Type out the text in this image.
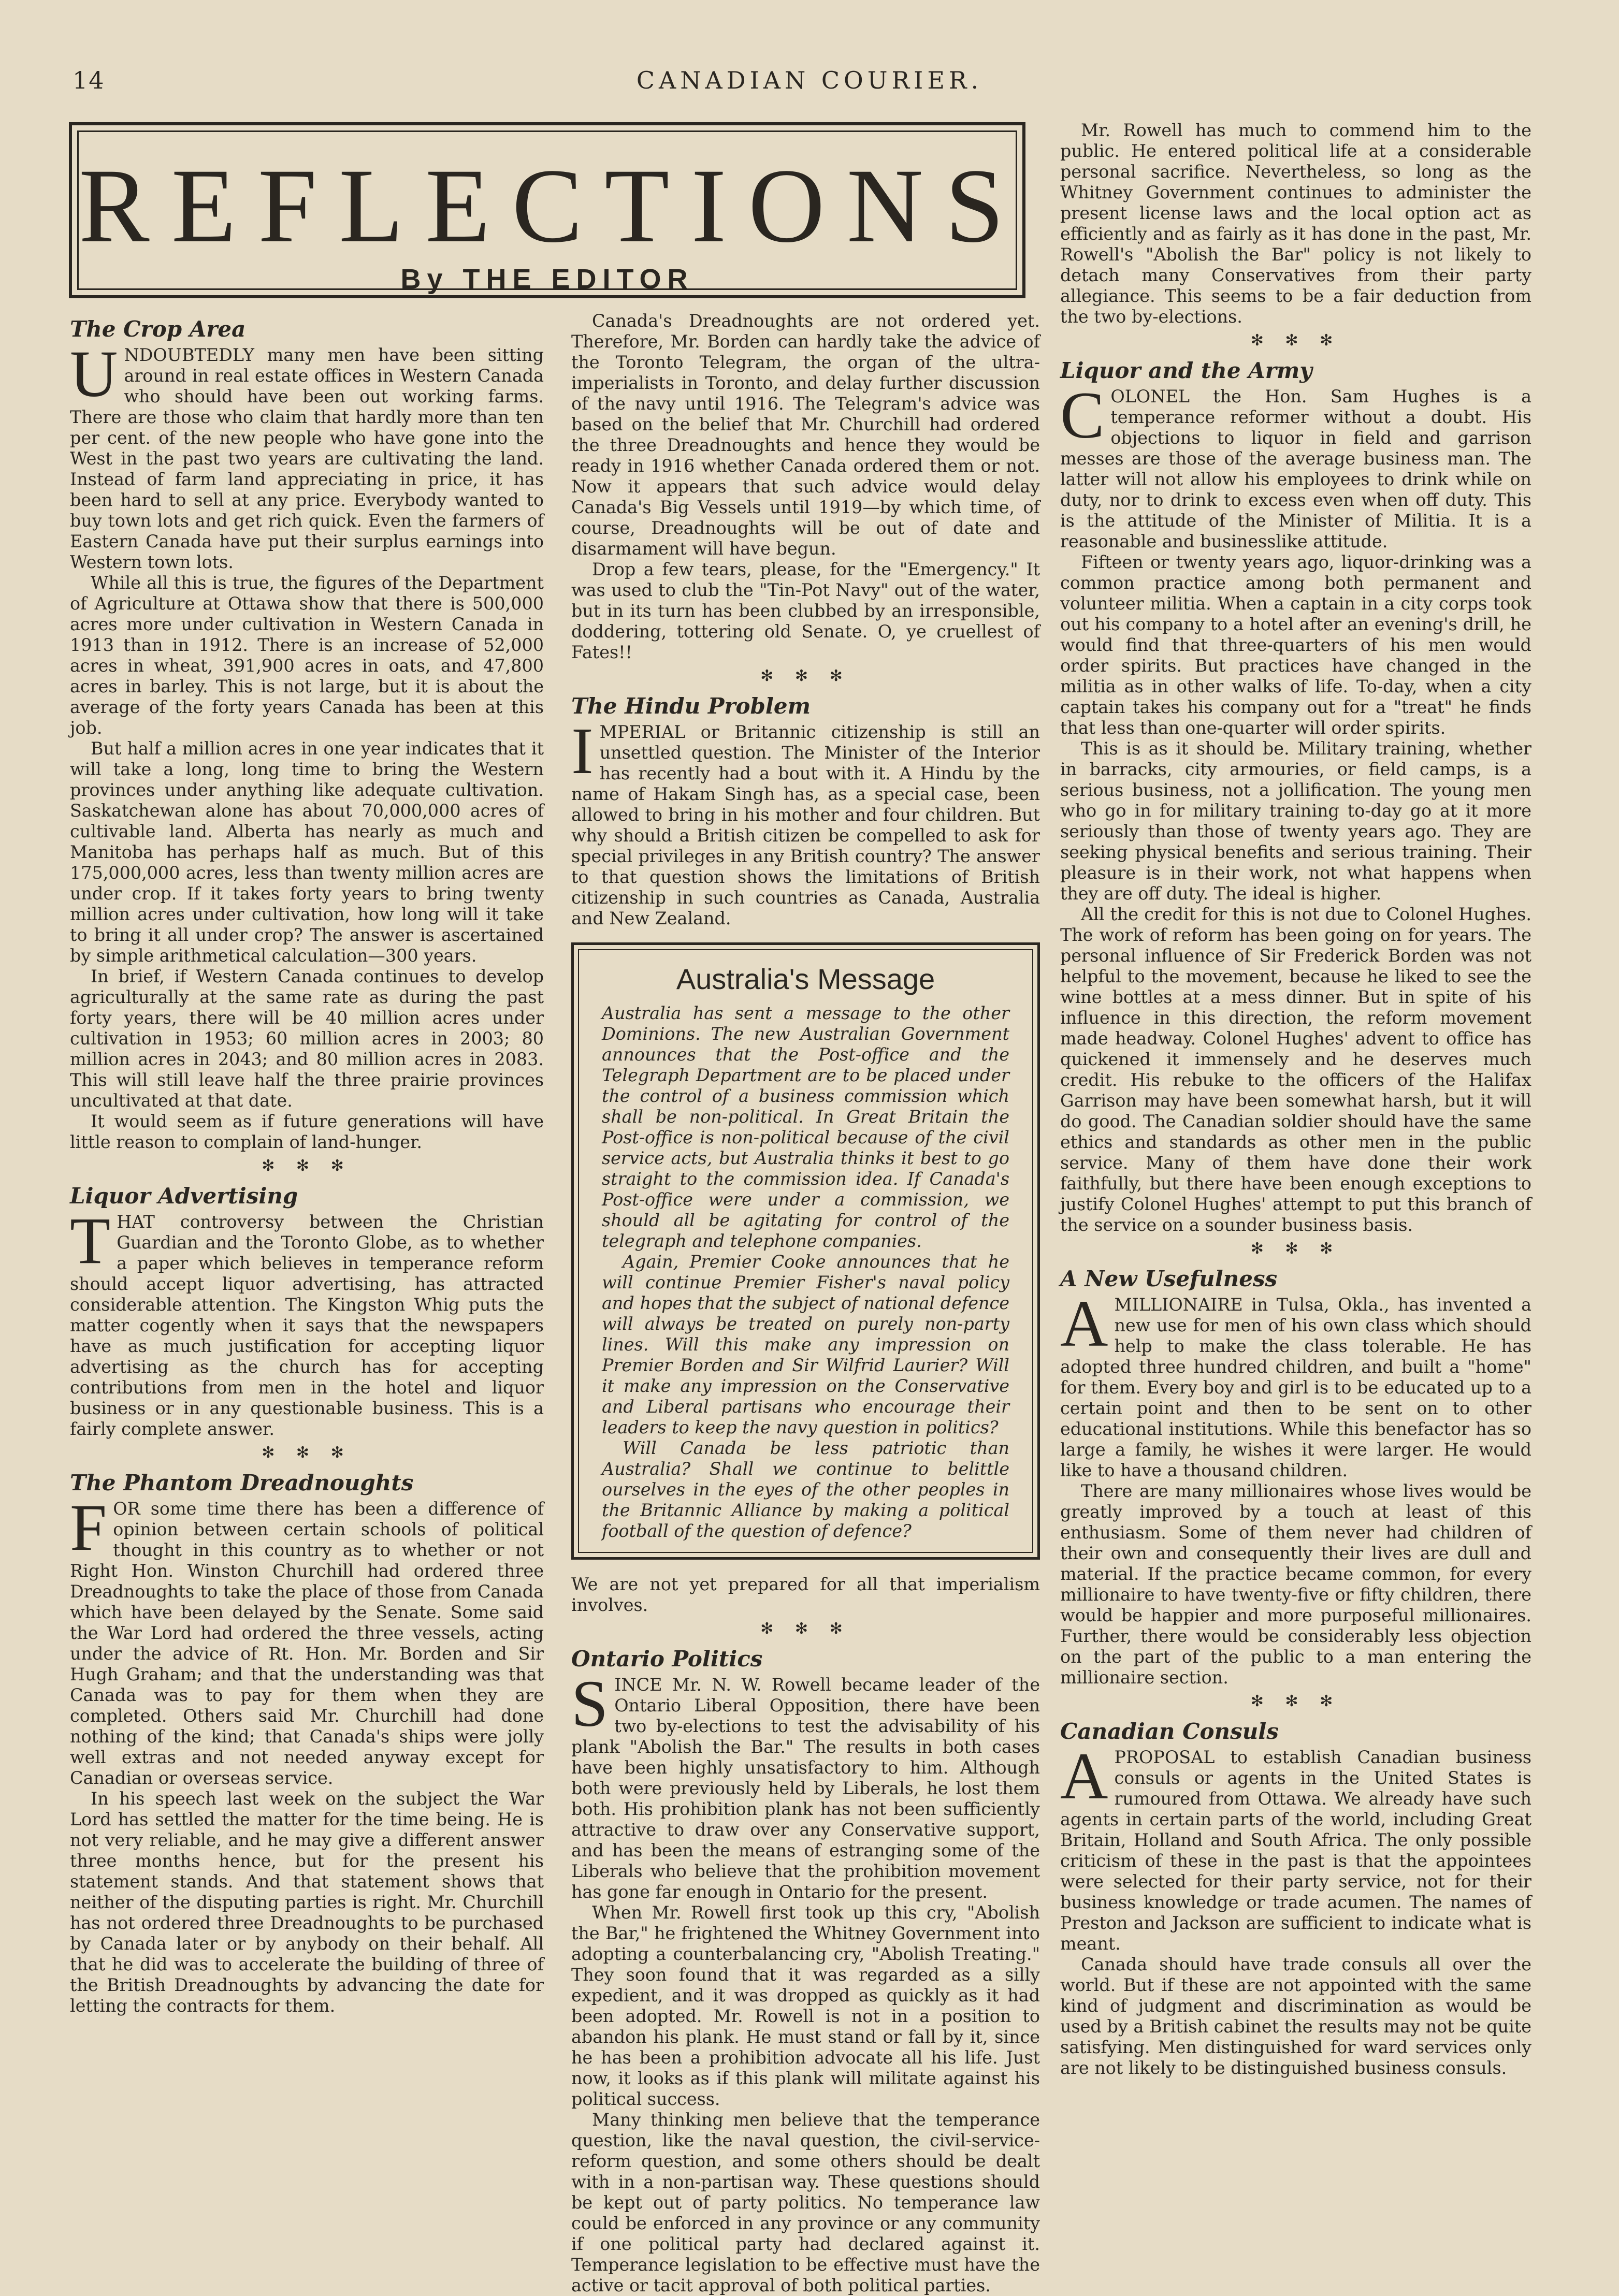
14	CANADIAN COURIER.
REFLECTIONS
By THE EDITOR
The Crop Area

UNDOUBTEDLY many men have been sitting around in real estate offices in Western Canada who should have been out working farms. There are those who claim that hardly more than ten per cent. of the new people who have gone into the West in the past two years are cultivating the land. Instead of farm land appreciating in price, it has been hard to sell at any price. Everybody wanted to buy town lots and get rich quick. Even the farmers of Eastern Canada have put their surplus earnings into Western town lots.

While all this is true, the figures of the Department of Agriculture at Ottawa show that there is 500,000 acres more under cultivation in Western Canada in 1913 than in 1912. There is an increase of 52,000 acres in wheat, 391,900 acres in oats, and 47,800 acres in barley. This is not large, but it is about the average of the forty years Canada has been at this job.

But half a million acres in one year indicates that it will take a long, long time to bring the Western provinces under anything like adequate cultivation. Saskatchewan alone has about 70,000,000 acres of cultivable land. Alberta has nearly as much and Manitoba has perhaps half as much. But of this 175,000,000 acres, less than twenty million acres are under crop. If it takes forty years to bring twenty million acres under cultivation, how long will it take to bring it all under crop? The answer is ascertained by simple arithmetical calculation—300 years.

In brief, if Western Canada continues to develop agriculturally at the same rate as during the past forty years, there will be 40 million acres under cultivation in 1953; 60 million acres in 2003; 80 million acres in 2043; and 80 million acres in 2083. This will still leave half the three prairie provinces uncultivated at that date.

It would seem as if future generations will have little reason to complain of land-hunger.

✻ ✻ ✻
Liquor Advertising

THAT controversy between the Christian Guardian and the Toronto Globe, as to whether a paper which believes in temperance reform should accept liquor advertising, has attracted considerable attention. The Kingston Whig puts the matter cogently when it says that the newspapers have as much justification for accepting liquor advertising as the church has for accepting contributions from men in the hotel and liquor business or in any questionable business. This is a fairly complete answer.

✻ ✻ ✻
The Phantom Dreadnoughts

FOR some time there has been a difference of opinion between certain schools of political thought in this country as to whether or not Right Hon. Winston Churchill had ordered three Dreadnoughts to take the place of those from Canada which have been delayed by the Senate. Some said the War Lord had ordered the three vessels, acting under the advice of Rt. Hon. Mr. Borden and Sir Hugh Graham; and that the understanding was that Canada was to pay for them when they are completed. Others said Mr. Churchill had done nothing of the kind; that Canada's ships were jolly well extras and not needed anyway except for Canadian or overseas service.

In his speech last week on the subject the War Lord has settled the matter for the time being. He is not very reliable, and he may give a different answer three months hence, but for the present his statement stands. And that statement shows that neither of the disputing parties is right. Mr. Churchill has not ordered three Dreadnoughts to be purchased by Canada later or by anybody on their behalf. All that he did was to accelerate the building of three of the British Dreadnoughts by advancing the date for letting the contracts for them.

Canada's Dreadnoughts are not ordered yet. Therefore, Mr. Borden can hardly take the advice of the Toronto Telegram, the organ of the ultra-imperialists in Toronto, and delay further discussion of the navy until 1916. The Telegram's advice was based on the belief that Mr. Churchill had ordered the three Dreadnoughts and hence they would be ready in 1916 whether Canada ordered them or not. Now it appears that such advice would delay Canada's Big Vessels until 1919—by which time, of course, Dreadnoughts will be out of date and disarmament will have begun.

Drop a few tears, please, for the "Emergency." It was used to club the "Tin-Pot Navy" out of the water, but in its turn has been clubbed by an irresponsible, doddering, tottering old Senate. O, ye cruellest of Fates!!

✻ ✻ ✻
The Hindu Problem

IMPERIAL or Britannic citizenship is still an unsettled question. The Minister of the Interior has recently had a bout with it. A Hindu by the name of Hakam Singh has, as a special case, been allowed to bring in his mother and four children. But why should a British citizen be compelled to ask for special privileges in any British country? The answer to that question shows the limitations of British citizenship in such countries as Canada, Australia and New Zealand.

Australia's Message

Australia has sent a message to the other Dominions. The new Australian Government announces that the Post-office and the Telegraph Department are to be placed under the control of a business commission which shall be non-political. In Great Britain the Post-office is non-political because of the civil service acts, but Australia thinks it best to go straight to the commission idea. If Canada's Post-office were under a commission, we should all be agitating for control of the telegraph and telephone companies.

Again, Premier Cooke announces that he will continue Premier Fisher's naval policy and hopes that the subject of national defence will always be treated on purely non-party lines. Will this make any impression on Premier Borden and Sir Wilfrid Laurier? Will it make any impression on the Conservative and Liberal partisans who encourage their leaders to keep the navy question in politics?

Will Canada be less patriotic than Australia? Shall we continue to belittle ourselves in the eyes of the other peoples in the Britannic Alliance by making a political football of the question of defence?

We are not yet prepared for all that imperialism involves.

✻ ✻ ✻
Ontario Politics

SINCE Mr. N. W. Rowell became leader of the Ontario Liberal Opposition, there have been two by-elections to test the advisability of his plank "Abolish the Bar." The results in both cases have been highly unsatisfactory to him. Although both were previously held by Liberals, he lost them both. His prohibition plank has not been sufficiently attractive to draw over any Conservative support, and has been the means of estranging some of the Liberals who believe that the prohibition movement has gone far enough in Ontario for the present.

When Mr. Rowell first took up this cry, "Abolish the Bar," he frightened the Whitney Government into adopting a counterbalancing cry, "Abolish Treating." They soon found that it was regarded as a silly expedient, and it was dropped as quickly as it had been adopted. Mr. Rowell is not in a position to abandon his plank. He must stand or fall by it, since he has been a prohibition advocate all his life. Just now, it looks as if this plank will militate against his political success.

Many thinking men believe that the temperance question, like the naval question, the civil-service-reform question, and some others should be dealt with in a non-partisan way. These questions should be kept out of party politics. No temperance law could be enforced in any province or any community if one political party had declared against it. Temperance legislation to be effective must have the active or tacit approval of both political parties.

Mr. Rowell has much to commend him to the public. He entered political life at a considerable personal sacrifice. Nevertheless, so long as the Whitney Government continues to administer the present license laws and the local option act as efficiently and as fairly as it has done in the past, Mr. Rowell's "Abolish the Bar" policy is not likely to detach many Conservatives from their party allegiance. This seems to be a fair deduction from the two by-elections.

✻ ✻ ✻
Liquor and the Army

COLONEL the Hon. Sam Hughes is a temperance reformer without a doubt. His objections to liquor in field and garrison messes are those of the average business man. The latter will not allow his employees to drink while on duty, nor to drink to excess even when off duty. This is the attitude of the Minister of Militia. It is a reasonable and businesslike attitude.

Fifteen or twenty years ago, liquor-drinking was a common practice among both permanent and volunteer militia. When a captain in a city corps took out his company to a hotel after an evening's drill, he would find that three-quarters of his men would order spirits. But practices have changed in the militia as in other walks of life. To-day, when a city captain takes his company out for a "treat" he finds that less than one-quarter will order spirits.

This is as it should be. Military training, whether in barracks, city armouries, or field camps, is a serious business, not a jollification. The young men who go in for military training to-day go at it more seriously than those of twenty years ago. They are seeking physical benefits and serious training. Their pleasure is in their work, not what happens when they are off duty. The ideal is higher.

All the credit for this is not due to Colonel Hughes. The work of reform has been going on for years. The personal influence of Sir Frederick Borden was not helpful to the movement, because he liked to see the wine bottles at a mess dinner. But in spite of his influence in this direction, the reform movement made headway. Colonel Hughes' advent to office has quickened it immensely and he deserves much credit. His rebuke to the officers of the Halifax Garrison may have been somewhat harsh, but it will do good. The Canadian soldier should have the same ethics and standards as other men in the public service. Many of them have done their work faithfully, but there have been enough exceptions to justify Colonel Hughes' attempt to put this branch of the service on a sounder business basis.

✻ ✻ ✻
A New Usefulness

AMILLIONAIRE in Tulsa, Okla., has invented a new use for men of his own class which should help to make the class tolerable. He has adopted three hundred children, and built a "home" for them. Every boy and girl is to be educated up to a certain point and then to be sent on to other educational institutions. While this benefactor has so large a family, he wishes it were larger. He would like to have a thousand children.

There are many millionaires whose lives would be greatly improved by a touch at least of this enthusiasm. Some of them never had children of their own and consequently their lives are dull and material. If the practice became common, for every millionaire to have twenty-five or fifty children, there would be happier and more purposeful millionaires. Further, there would be considerably less objection on the part of the public to a man entering the millionaire section.

✻ ✻ ✻
Canadian Consuls

APROPOSAL to establish Canadian business consuls or agents in the United States is rumoured from Ottawa. We already have such agents in certain parts of the world, including Great Britain, Holland and South Africa. The only possible criticism of these in the past is that the appointees were selected for their party service, not for their business knowledge or trade acumen. The names of Preston and Jackson are sufficient to indicate what is meant.

Canada should have trade consuls all over the world. But if these are not appointed with the same kind of judgment and discrimination as would be used by a British cabinet the results may not be quite satisfying. Men distinguished for ward services only are not likely to be distinguished business consuls.
